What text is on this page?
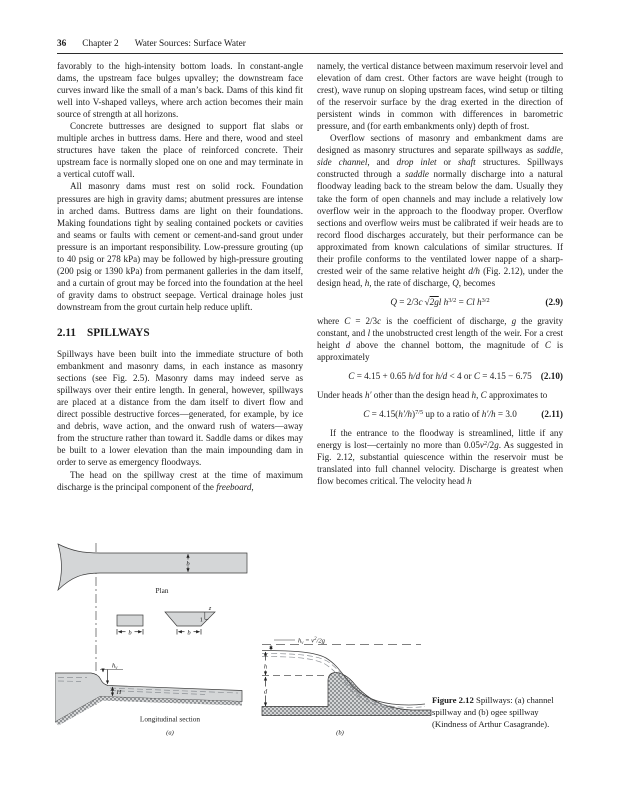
36 Chapter 2 Water Sources: Surface Water

favorably to the high-intensity bottom loads. In constant-angle dams, the upstream face bulges upvalley; the downstream face curves inward like the small of a man’s back. Dams of this kind fit well into V-shaped valleys, where arch action becomes their main source of strength at all horizons.

Concrete buttresses are designed to support flat slabs or multiple arches in buttress dams. Here and there, wood and steel structures have taken the place of reinforced concrete. Their upstream face is normally sloped one on one and may terminate in a vertical cutoff wall.

All masonry dams must rest on solid rock. Foundation pressures are high in gravity dams; abutment pressures are intense in arched dams. Buttress dams are light on their foundations. Making foundations tight by sealing contained pockets or cavities and seams or faults with cement or cement-and-sand grout under pressure is an important responsibility. Low-pressure grouting (up to 40 psig or 278 kPa) may be followed by high-pressure grouting (200 psig or 1390 kPa) from permanent galleries in the dam itself, and a curtain of grout may be forced into the foundation at the heel of gravity dams to obstruct seepage. Vertical drainage holes just downstream from the grout curtain help reduce uplift.

2.11 SPILLWAYS

Spillways have been built into the immediate structure of both embankment and masonry dams, in each instance as masonry sections (see Fig. 2.5). Masonry dams may indeed serve as spillways over their entire length. In general, however, spillways are placed at a distance from the dam itself to divert flow and direct possible destructive forces—generated, for example, by ice and debris, wave action, and the onward rush of waters—away from the structure rather than toward it. Saddle dams or dikes may be built to a lower elevation than the main impounding dam in order to serve as emergency floodways.

The head on the spillway crest at the time of maximum discharge is the principal component of the freeboard,

namely, the vertical distance between maximum reservoir level and elevation of dam crest. Other factors are wave height (trough to crest), wave runup on sloping upstream faces, wind setup or tilting of the reservoir surface by the drag exerted in the direction of persistent winds in common with differences in barometric pressure, and (for earth embankments only) depth of frost.

Overflow sections of masonry and embankment dams are designed as masonry structures and separate spillways as saddle, side channel, and drop inlet or shaft structures. Spillways constructed through a saddle normally discharge into a natural floodway leading back to the stream below the dam. Usually they take the form of open channels and may include a relatively low overflow weir in the approach to the floodway proper. Overflow sections and overflow weirs must be calibrated if weir heads are to record flood discharges accurately, but their performance can be approximated from known calculations of similar structures. If their profile conforms to the ventilated lower nappe of a sharp-crested weir of the same relative height d/h (Fig. 2.12), under the design head, h, the rate of discharge, Q, becomes

Q = 2/3c √2gl $h^{3/2} = Cl$ $h^{3/2}$	(2.9)

where C = 2/3c is the coefficient of discharge, g the gravity constant, and l the unobstructed crest length of the weir. For a crest height d above the channel bottom, the magnitude of C is approximately

C = 4.15 + 0.65 h/d for h/d < 4 or C = 4.15 − 6.75 (2.10)

Under heads h′ other than the design head h, C approximates to

$C = 4.15(h'/h)^{7/5}$ up to a ratio of h′/h = 3.0	(2.11)

If the entrance to the floodway is streamlined, little if any energy is lost—certainly no more than $0.05v^2/2g$. As suggested in Fig. 2.12, substantial quiescence within the reservoir must be translated into full channel velocity. Discharge is greatest when flow becomes critical. The velocity head h

b
Plan
b
1
z
b
$h_v$
H
Longitudinal section
(a)
$h_v = v^2/2g$
h
d
(b)
Figure 2.12 Spillways: (a) channel spillway and (b) ogee spillway (Kindness of Arthur Casagrande).
